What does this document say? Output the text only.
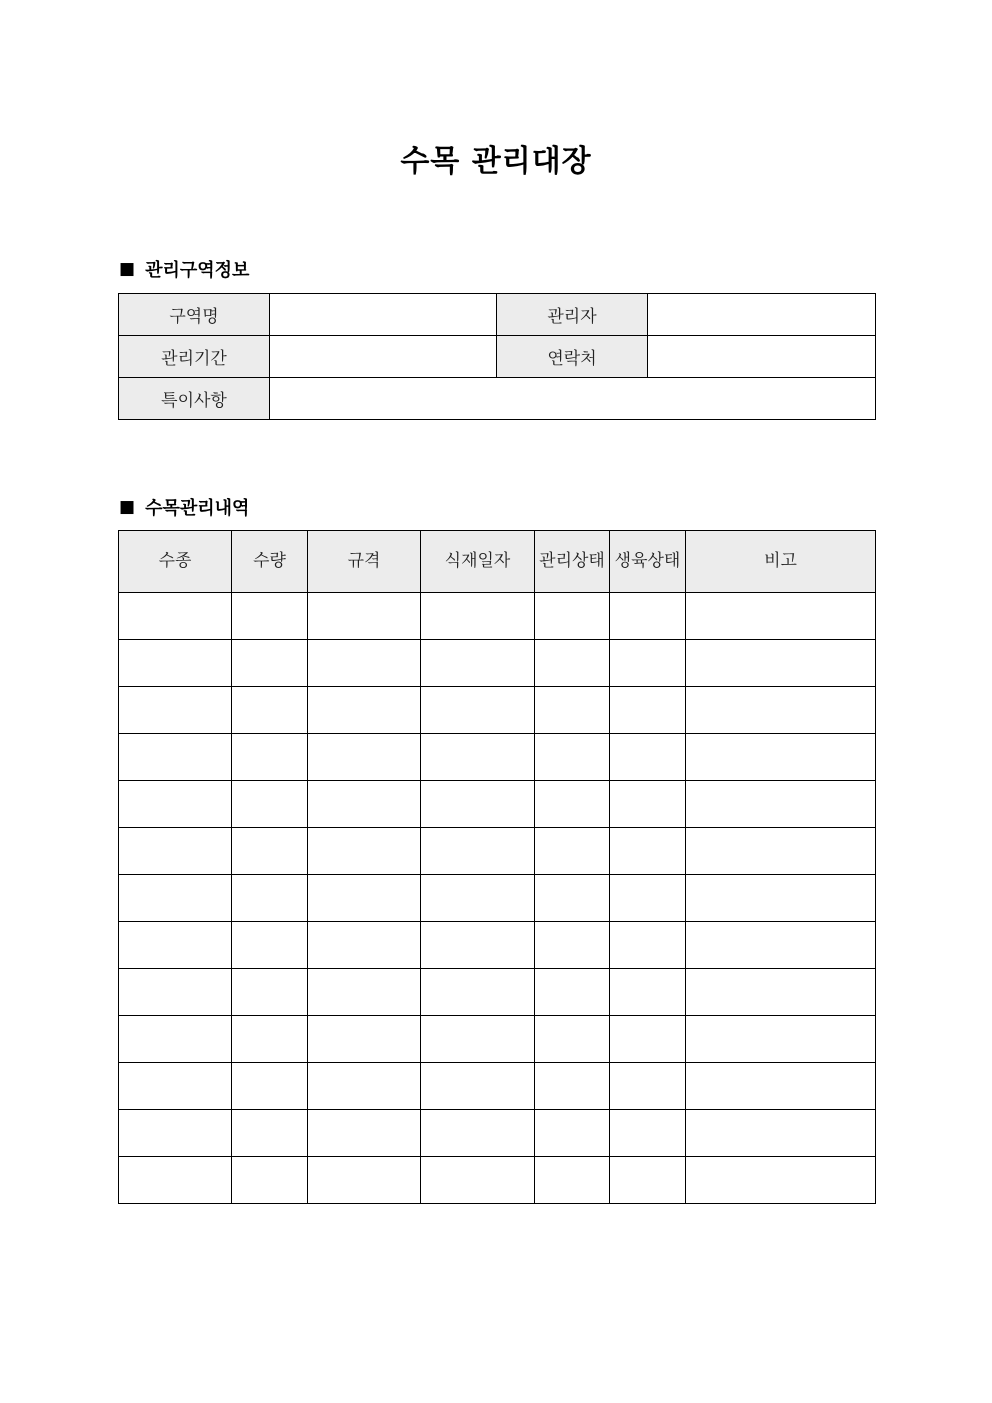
수목 관리대장
■ 관리구역정보
구역명		관리자	
관리기간		연락처	
특이사항			
■ 수목관리내역
수종	수량	규격	식재일자	관리상태	생육상태	비고
